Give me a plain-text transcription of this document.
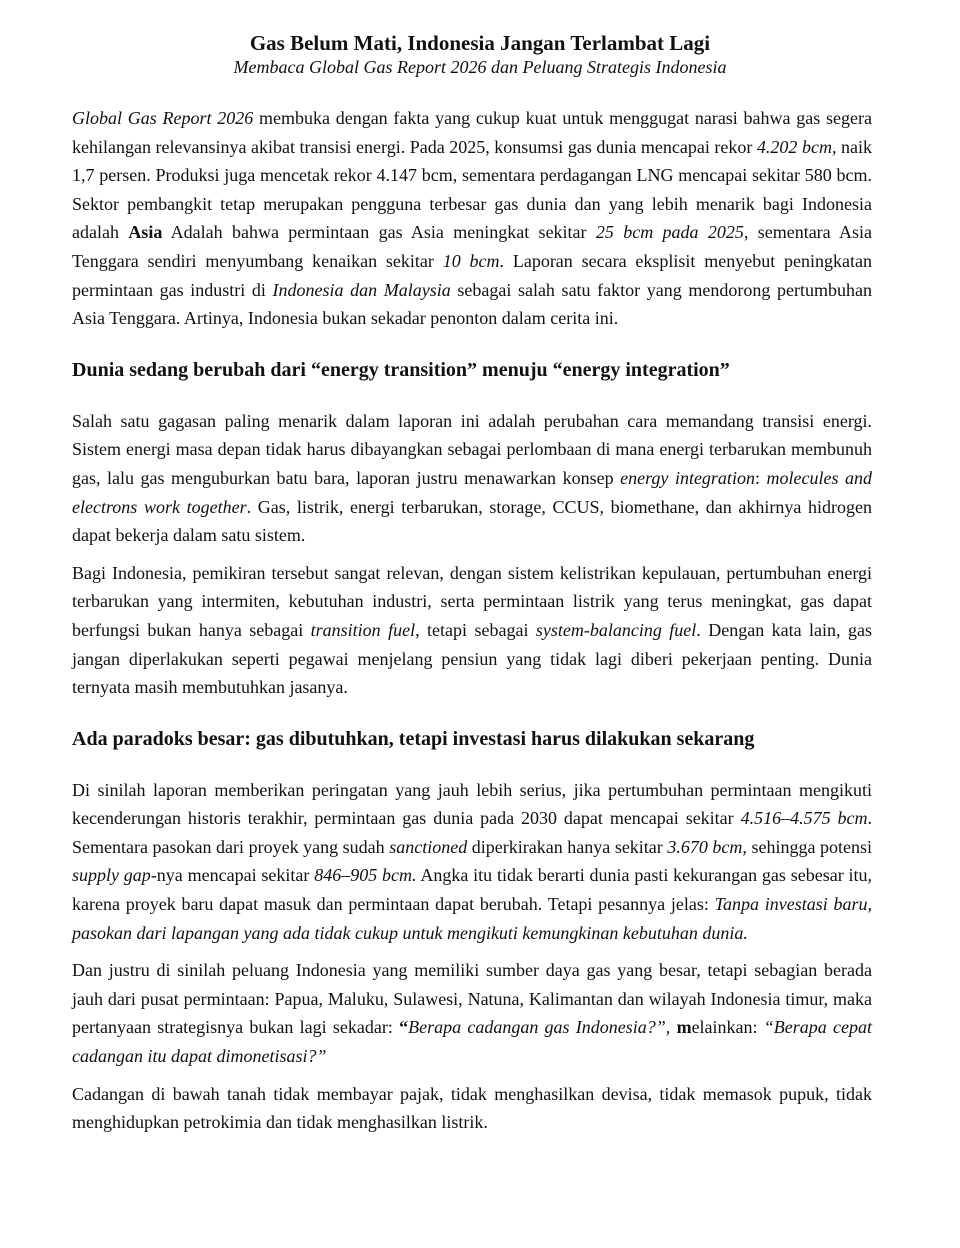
Gas Belum Mati, Indonesia Jangan Terlambat Lagi
Membaca Global Gas Report 2026 dan Peluang Strategis Indonesia

Global Gas Report 2026 membuka dengan fakta yang cukup kuat untuk menggugat narasi bahwa gas segera kehilangan relevansinya akibat transisi energi. Pada 2025, konsumsi gas dunia mencapai rekor 4.202 bcm, naik 1,7 persen. Produksi juga mencetak rekor 4.147 bcm, sementara perdagangan LNG mencapai sekitar 580 bcm. Sektor pembangkit tetap merupakan pengguna terbesar gas dunia dan yang lebih menarik bagi Indonesia adalah Asia Adalah bahwa permintaan gas Asia meningkat sekitar 25 bcm pada 2025, sementara Asia Tenggara sendiri menyumbang kenaikan sekitar 10 bcm. Laporan secara eksplisit menyebut peningkatan permintaan gas industri di Indonesia dan Malaysia sebagai salah satu faktor yang mendorong pertumbuhan Asia Tenggara. Artinya, Indonesia bukan sekadar penonton dalam cerita ini.

Dunia sedang berubah dari “energy transition” menuju “energy integration”

Salah satu gagasan paling menarik dalam laporan ini adalah perubahan cara memandang transisi energi. Sistem energi masa depan tidak harus dibayangkan sebagai perlombaan di mana energi terbarukan membunuh gas, lalu gas menguburkan batu bara, laporan justru menawarkan konsep energy integration: molecules and electrons work together. Gas, listrik, energi terbarukan, storage, CCUS, biomethane, dan akhirnya hidrogen dapat bekerja dalam satu sistem.

Bagi Indonesia, pemikiran tersebut sangat relevan, dengan sistem kelistrikan kepulauan, pertumbuhan energi terbarukan yang intermiten, kebutuhan industri, serta permintaan listrik yang terus meningkat, gas dapat berfungsi bukan hanya sebagai transition fuel, tetapi sebagai system-balancing fuel. Dengan kata lain, gas jangan diperlakukan seperti pegawai menjelang pensiun yang tidak lagi diberi pekerjaan penting. Dunia ternyata masih membutuhkan jasanya.

Ada paradoks besar: gas dibutuhkan, tetapi investasi harus dilakukan sekarang

Di sinilah laporan memberikan peringatan yang jauh lebih serius, jika pertumbuhan permintaan mengikuti kecenderungan historis terakhir, permintaan gas dunia pada 2030 dapat mencapai sekitar 4.516–4.575 bcm. Sementara pasokan dari proyek yang sudah sanctioned diperkirakan hanya sekitar 3.670 bcm, sehingga potensi supply gap-nya mencapai sekitar 846–905 bcm. Angka itu tidak berarti dunia pasti kekurangan gas sebesar itu, karena proyek baru dapat masuk dan permintaan dapat berubah. Tetapi pesannya jelas: Tanpa investasi baru, pasokan dari lapangan yang ada tidak cukup untuk mengikuti kemungkinan kebutuhan dunia.

Dan justru di sinilah peluang Indonesia yang memiliki sumber daya gas yang besar, tetapi sebagian berada jauh dari pusat permintaan: Papua, Maluku, Sulawesi, Natuna, Kalimantan dan wilayah Indonesia timur, maka pertanyaan strategisnya bukan lagi sekadar: “Berapa cadangan gas Indonesia?”, melainkan: “Berapa cepat cadangan itu dapat dimonetisasi?”

Cadangan di bawah tanah tidak membayar pajak, tidak menghasilkan devisa, tidak memasok pupuk, tidak menghidupkan petrokimia dan tidak menghasilkan listrik.
